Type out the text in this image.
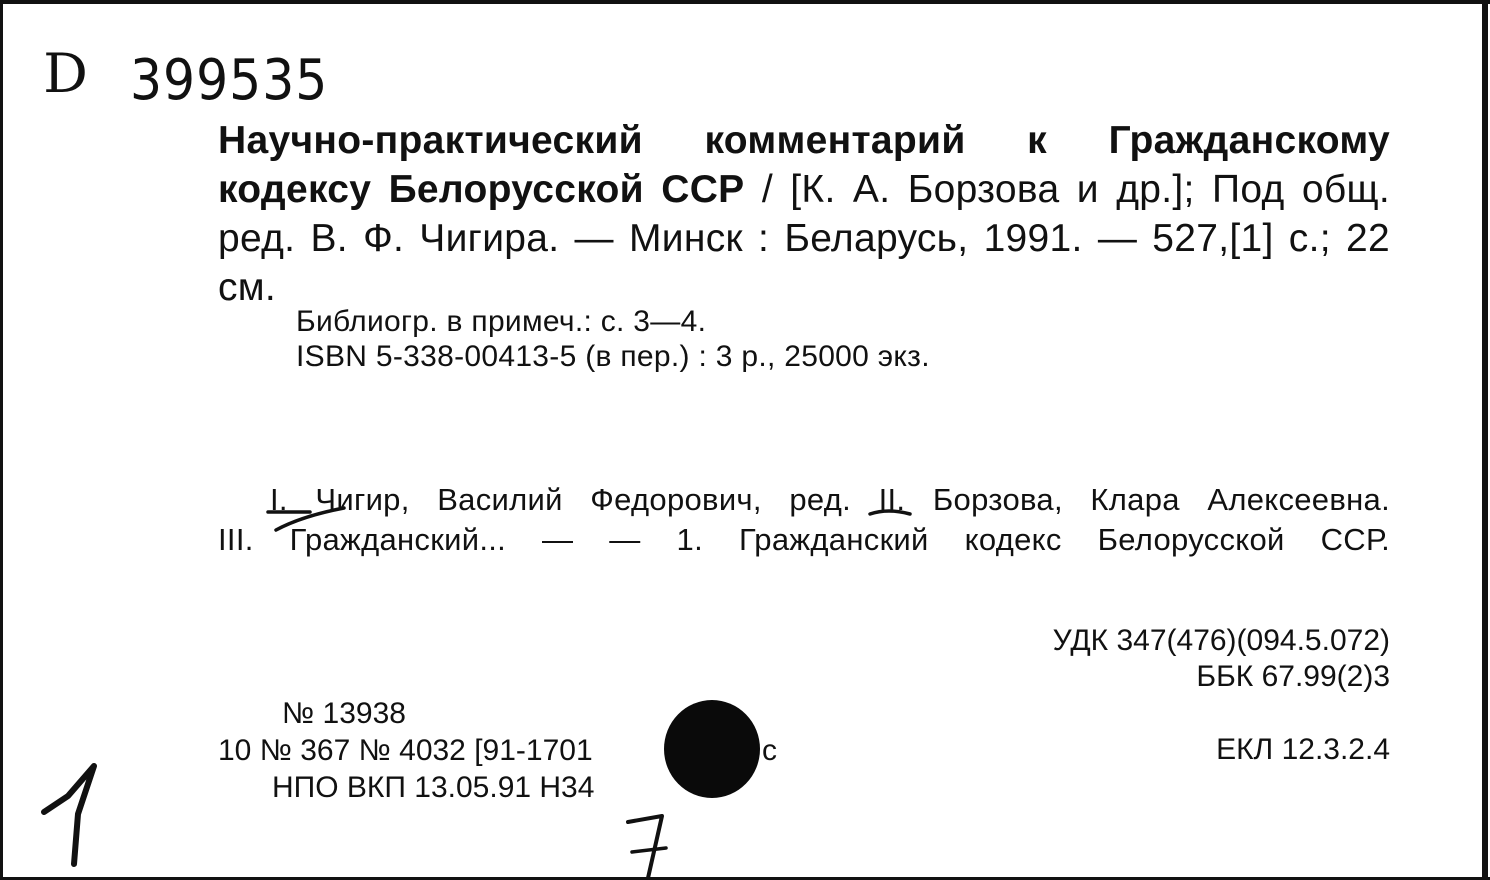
D 399535

Научно-практический комментарий к Гражданскому кодексу Белорусской ССР / [К. А. Борзова и др.]; Под общ. ред. В. Ф. Чигира. — Минск : Беларусь, 1991. — 527,[1] с.; 22 см.

Библиогр. в примеч.: с. 3—4.
ISBN 5-338-00413-5 (в пер.) : 3 р., 25000 экз.
I. Чигир, Василий Федорович, ред. II. Борзова, Клара Алексеевна.
III. Гражданский... — — 1. Гражданский кодекс Белорусской ССР.
УДК 347(476)(094.5.072)
ББК 67.99(2)3
ЕКЛ 12.3.2.4
№ 13938
10 № 367 № 4032 [91-1701	с
НПО ВКП 13.05.91 Н34
